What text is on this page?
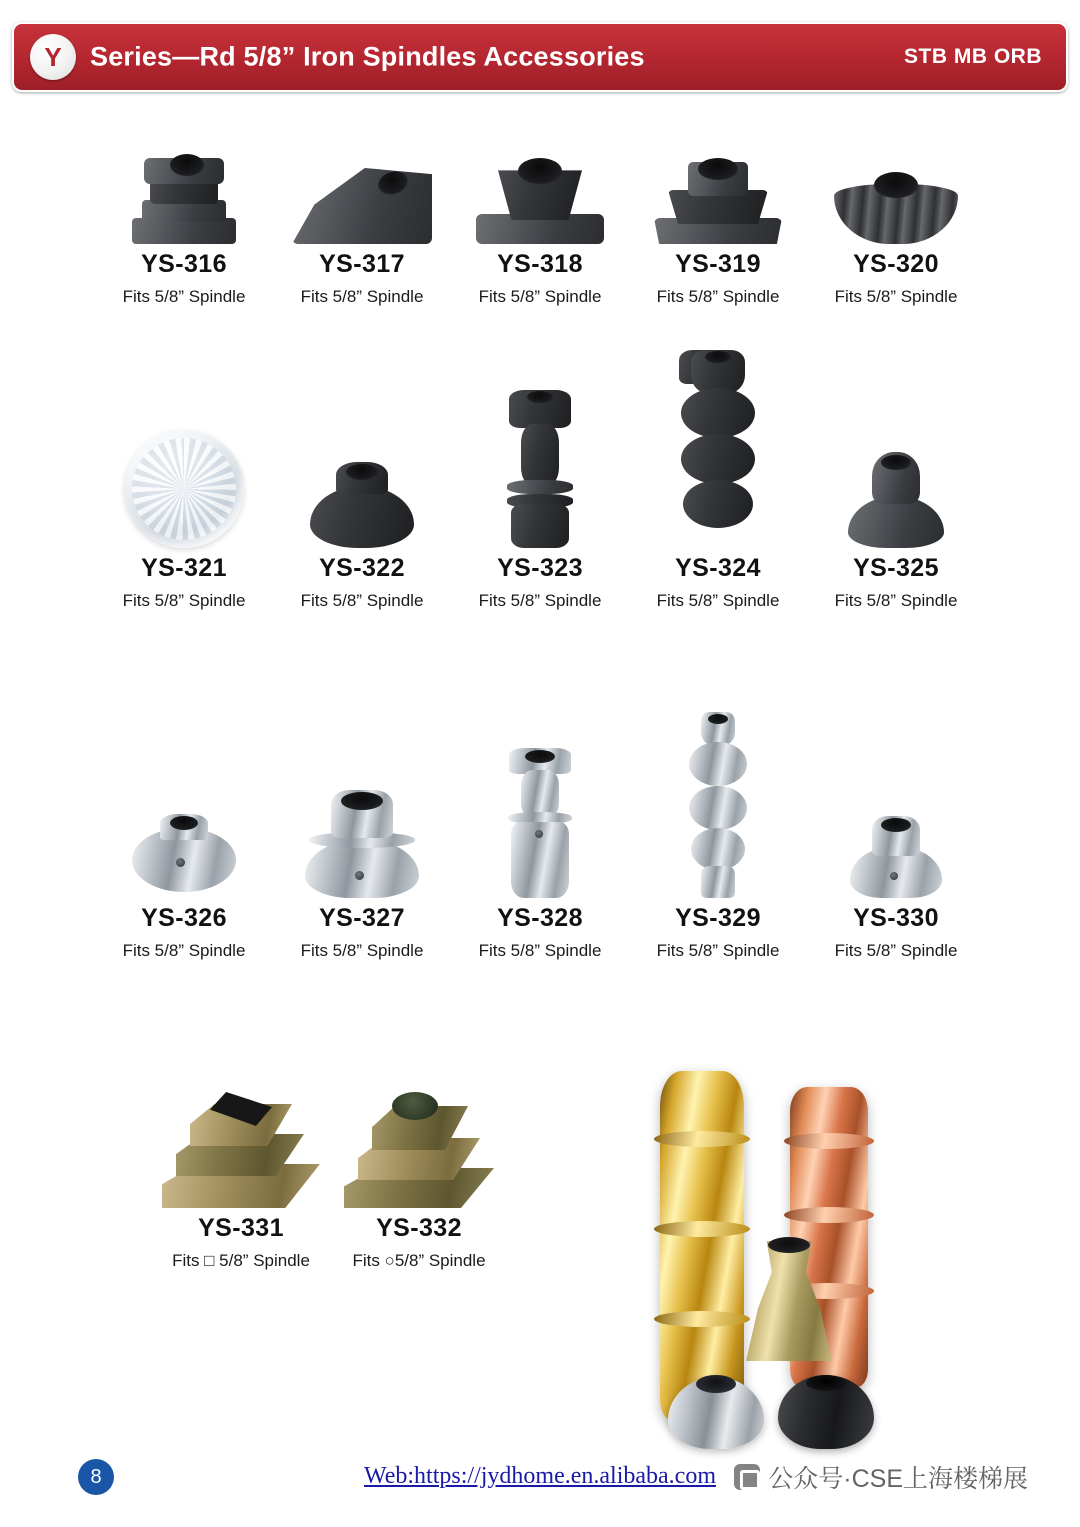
Y	Series—Rd 5/8” Iron Spindles Accessories	STB MB ORB
YS-316
Fits 5/8” Spindle
YS-317
Fits 5/8” Spindle
YS-318
Fits 5/8” Spindle
YS-319
Fits 5/8” Spindle
YS-320
Fits 5/8” Spindle
YS-321
Fits 5/8” Spindle
YS-322
Fits 5/8” Spindle
YS-323
Fits 5/8” Spindle
YS-324
Fits 5/8” Spindle
YS-325
Fits 5/8” Spindle
YS-326
Fits 5/8” Spindle
YS-327
Fits 5/8” Spindle
YS-328
Fits 5/8” Spindle
YS-329
Fits 5/8” Spindle
YS-330
Fits 5/8” Spindle
YS-331
Fits □ 5/8” Spindle
YS-332
Fits ○5/8” Spindle
8	Web:https://jydhome.en.alibaba.com	公众号·CSE上海楼梯展
